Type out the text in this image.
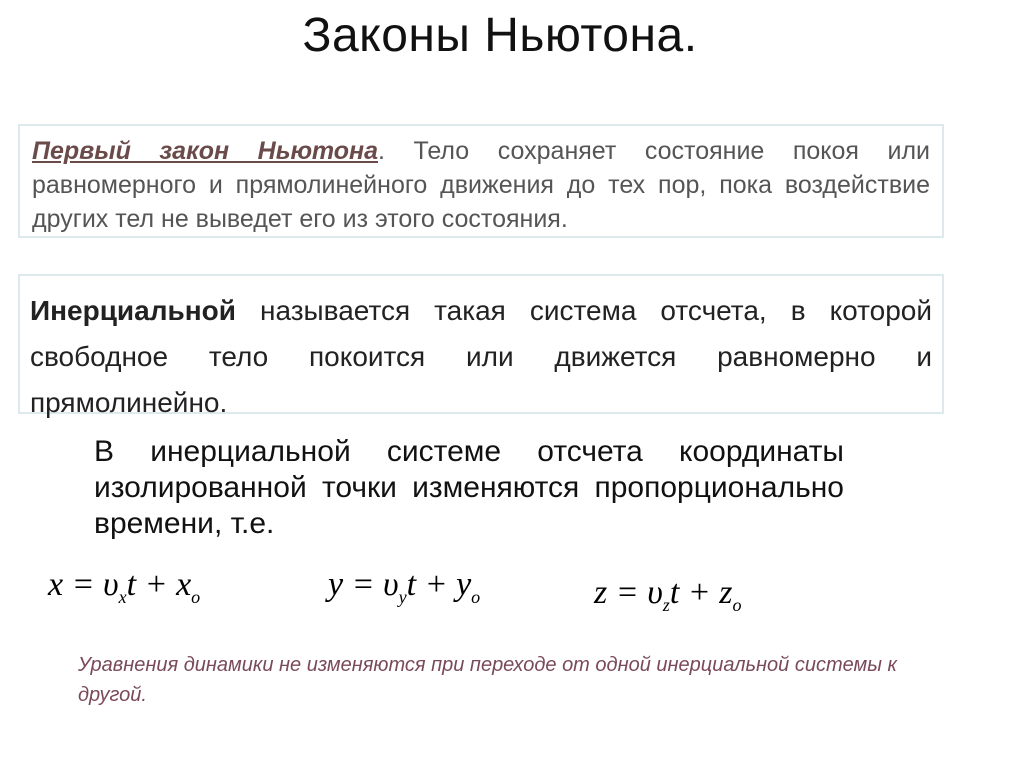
Законы Ньютона.
Первый закон Ньютона. Тело сохраняет состояние покоя или равномерного и прямолинейного движения до тех пор, пока воздействие других тел не выведет его из этого состояния.
Инерциальной называется такая система отсчета, в которой свободное тело покоится или движется равномерно и прямолинейно.
В инерциальной системе отсчета координаты изолированной точки изменяются пропорционально времени, т.е.
$x = \upsilon_xt + x_o$	$y = \upsilon_yt + y_o$	$z = \upsilon_zt + z_o$
Уравнения динамики не изменяются при переходе от одной инерциальной системы к другой.
